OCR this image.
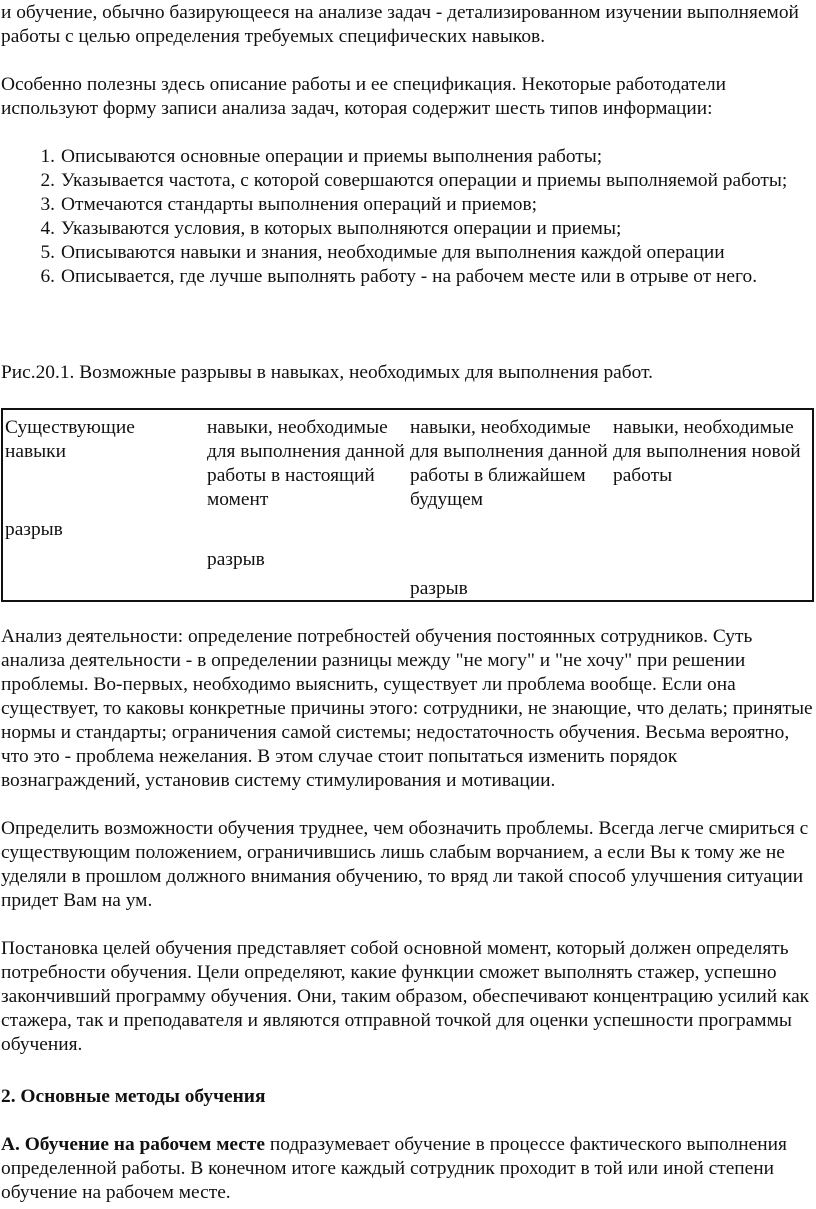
и обучение, обычно базирующееся на анализе задач - детализированном изучении выполняемой работы с целью определения требуемых специфических навыков.

Особенно полезны здесь описание работы и ее спецификация. Некоторые работодатели используют форму записи анализа задач, которая содержит шесть типов информации:

1. Описываются основные операции и приемы выполнения работы;
2. Указывается частота, с которой совершаются операции и приемы выполняемой работы;
3. Отмечаются стандарты выполнения операций и приемов;
4. Указываются условия, в которых выполняются операции и приемы;
5. Описываются навыки и знания, необходимые для выполнения каждой операции
6. Описывается, где лучше выполнять работу - на рабочем месте или в отрыве от него.

Рис.20.1. Возможные разрывы в навыках, необходимых для выполнения работ.

Существующие навыки
навыки, необходимые для выполнения данной работы в настоящий момент
навыки, необходимые для выполнения данной работы в ближайшем будущем
навыки, необходимые для выполнения новой работы
разрыв
разрыв
разрыв

Анализ деятельности: определение потребностей обучения постоянных сотрудников. Суть анализа деятельности - в определении разницы между "не могу" и "не хочу" при решении проблемы. Во-первых, необходимо выяснить, существует ли проблема вообще. Если она существует, то каковы конкретные причины этого: сотрудники, не знающие, что делать; принятые нормы и стандарты; ограничения самой системы; недостаточность обучения. Весьма вероятно, что это - проблема нежелания. В этом случае стоит попытаться изменить порядок вознаграждений, установив систему стимулирования и мотивации.

Определить возможности обучения труднее, чем обозначить проблемы. Всегда легче смириться с существующим положением, ограничившись лишь слабым ворчанием, а если Вы к тому же не уделяли в прошлом должного внимания обучению, то вряд ли такой способ улучшения ситуации придет Вам на ум.

Постановка целей обучения представляет собой основной момент, который должен определять потребности обучения. Цели определяют, какие функции сможет выполнять стажер, успешно закончивший программу обучения. Они, таким образом, обеспечивают концентрацию усилий как стажера, так и преподавателя и являются отправной точкой для оценки успешности программы обучения.

2. Основные методы обучения

А. Обучение на рабочем месте подразумевает обучение в процессе фактического выполнения определенной работы. В конечном итоге каждый сотрудник проходит в той или иной степени обучение на рабочем месте.
